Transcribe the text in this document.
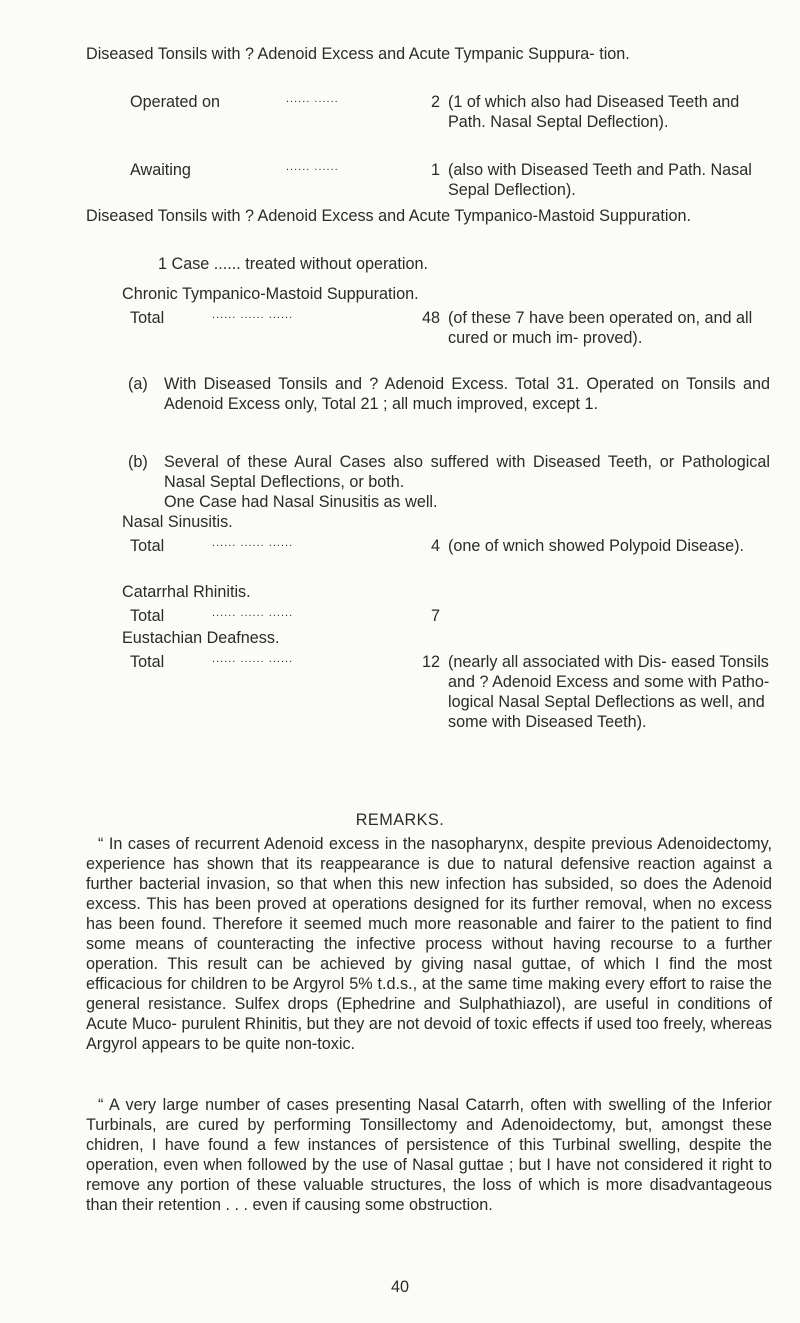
Diseased Tonsils with ? Adenoid Excess and Acute Tympanic Suppura- tion.

Operated on	...... ......	2 (1 of which also had Diseased Teeth and Path. Nasal Septal Deflection).

Awaiting	...... ......	1 (also with Diseased Teeth and Path. Nasal Sepal Deflection).

Diseased Tonsils with ? Adenoid Excess and Acute Tympanico-Mastoid Suppuration.

1 Case ...... treated without operation.

Chronic Tympanico-Mastoid Suppuration.

Total	...... ...... ......	48 (of these 7 have been operated on, and all cured or much im- proved).

(a) With Diseased Tonsils and ? Adenoid Excess. Total 31. Operated on Tonsils and Adenoid Excess only, Total 21 ; all much improved, except 1.

(b) Several of these Aural Cases also suffered with Diseased Teeth, or Pathological Nasal Septal Deflections, or both.

One Case had Nasal Sinusitis as well.

Nasal Sinusitis.

Total	...... ...... ......	4 (one of wnich showed Polypoid Disease).

Catarrhal Rhinitis.

Total	...... ...... ......	7

Eustachian Deafness.

Total	...... ...... ......	12 (nearly all associated with Dis- eased Tonsils and ? Adenoid Excess and some with Patho- logical Nasal Septal Deflections as well, and some with Diseased Teeth).

REMARKS.

“ In cases of recurrent Adenoid excess in the nasopharynx, despite previous Adenoidectomy, experience has shown that its reappearance is due to natural defensive reaction against a further bacterial invasion, so that when this new infection has subsided, so does the Adenoid excess. This has been proved at operations designed for its further removal, when no excess has been found. Therefore it seemed much more reasonable and fairer to the patient to find some means of counteracting the infective process without having recourse to a further operation. This result can be achieved by giving nasal guttae, of which I find the most efficacious for children to be Argyrol 5% t.d.s., at the same time making every effort to raise the general resistance. Sulfex drops (Ephedrine and Sulphathiazol), are useful in conditions of Acute Muco- purulent Rhinitis, but they are not devoid of toxic effects if used too freely, whereas Argyrol appears to be quite non-toxic.

“ A very large number of cases presenting Nasal Catarrh, often with swelling of the Inferior Turbinals, are cured by performing Tonsillectomy and Adenoidectomy, but, amongst these chidren, I have found a few instances of persistence of this Turbinal swelling, despite the operation, even when followed by the use of Nasal guttae ; but I have not considered it right to remove any portion of these valuable structures, the loss of which is more disadvantageous than their retention . . . even if causing some obstruction.

40
